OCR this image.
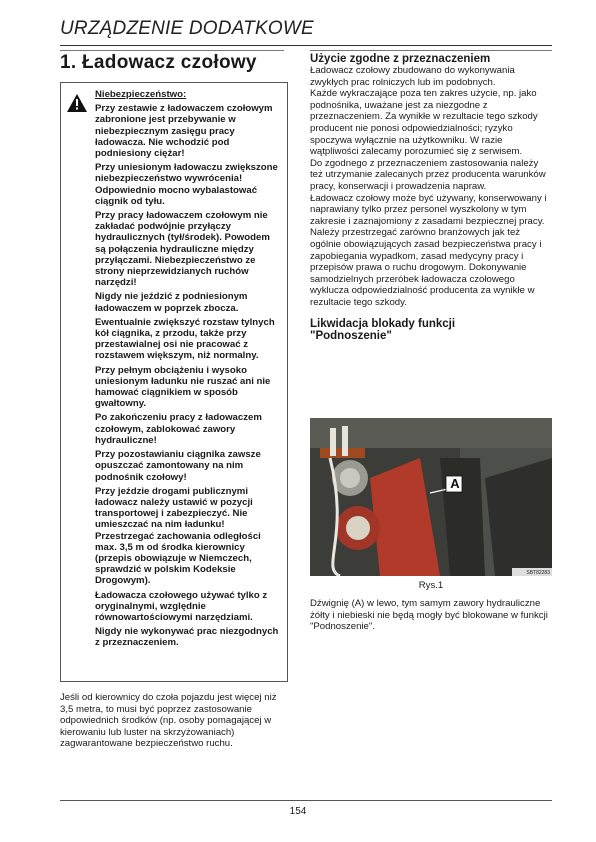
URZĄDZENIE DODATKOWE
1. Ładowacz czołowy

Niebezpieczeństwo:

Przy zestawie z ładowaczem czołowym zabronione jest przebywanie w niebezpiecznym zasięgu pracy ładowacza. Nie wchodzić pod podniesiony ciężar!

Przy uniesionym ładowaczu zwiększone niebezpieczeństwo wywrócenia! Odpowiednio mocno wybalastować ciągnik od tyłu.

Przy pracy ładowaczem czołowym nie zakładać podwójnie przyłączy hydraulicznych (tył/środek). Powodem są połączenia hydrauliczne między przyłączami. Niebezpieczeństwo ze strony nieprzewidzianych ruchów narzędzi!

Nigdy nie jeździć z podniesionym ładowaczem w poprzek zbocza.

Ewentualnie zwiększyć rozstaw tylnych kół ciągnika, z przodu, także przy przestawialnej osi nie pracować z rozstawem większym, niż normalny.

Przy pełnym obciążeniu i wysoko uniesionym ładunku nie ruszać ani nie hamować ciągnikiem w sposób gwałtowny.

Po zakończeniu pracy z ładowaczem czołowym, zablokować zawory hydrauliczne!

Przy pozostawianiu ciągnika zawsze opuszczać zamontowany na nim podnośnik czołowy!

Przy jeździe drogami publicznymi ładowacz należy ustawić w pozycji transportowej i zabezpieczyć. Nie umieszczać na nim ładunku! Przestrzegać zachowania odległości max. 3,5 m od środka kierownicy (przepis obowiązuje w Niemczech, sprawdzić w polskim Kodeksie Drogowym).

Ładowacza czołowego używać tylko z oryginalnymi, względnie równowartościowymi narzędziami.

Nigdy nie wykonywać prac niezgodnych z przeznaczeniem.

Jeśli od kierownicy do czoła pojazdu jest więcej niż 3,5 metra, to musi być poprzez zastosowanie odpowiednich środków (np. osoby pomagającej w kierowaniu lub luster na skrzyżowaniach) zagwarantowane bezpieczeństwo ruchu.

Użycie zgodne z przeznaczeniem

Ładowacz czołowy zbudowano do wykonywania zwykłych prac rolniczych lub im podobnych.

Każde wykraczające poza ten zakres użycie, np. jako podnośnika, uważane jest za niezgodne z przeznaczeniem. Za wynikłe w rezultacie tego szkody producent nie ponosi odpowiedzialności; ryzyko spoczywa wyłącznie na użytkowniku. W razie wątpliwości zalecamy porozumieć się z serwisem.

Do zgodnego z przeznaczeniem zastosowania należy też utrzymanie zalecanych przez producenta warunków pracy, konserwacji i prowadzenia napraw.

Ładowacz czołowy może być używany, konserwowany i naprawiany tylko przez personel wyszkolony w tym zakresie i zaznajomiony z zasadami bezpiecznej pracy.

Należy przestrzegać zarówno branżowych jak też ogólnie obowiązujących zasad bezpieczeństwa pracy i zapobiegania wypadkom, zasad medycyny pracy i przepisów prawa o ruchu drogowym. Dokonywanie samodzielnych przeróbek ładowacza czołowego wyklucza odpowiedzialność producenta za wynikłe w rezultacie tego szkody.

Likwidacja blokady funkcji

"Podnoszenie"

A
SBT82283
Rys.1
Dźwignię (A) w lewo, tym samym zawory hydrauliczne żółty i niebieski nie będą mogły być blokowane w funkcji "Podnoszenie".
154
